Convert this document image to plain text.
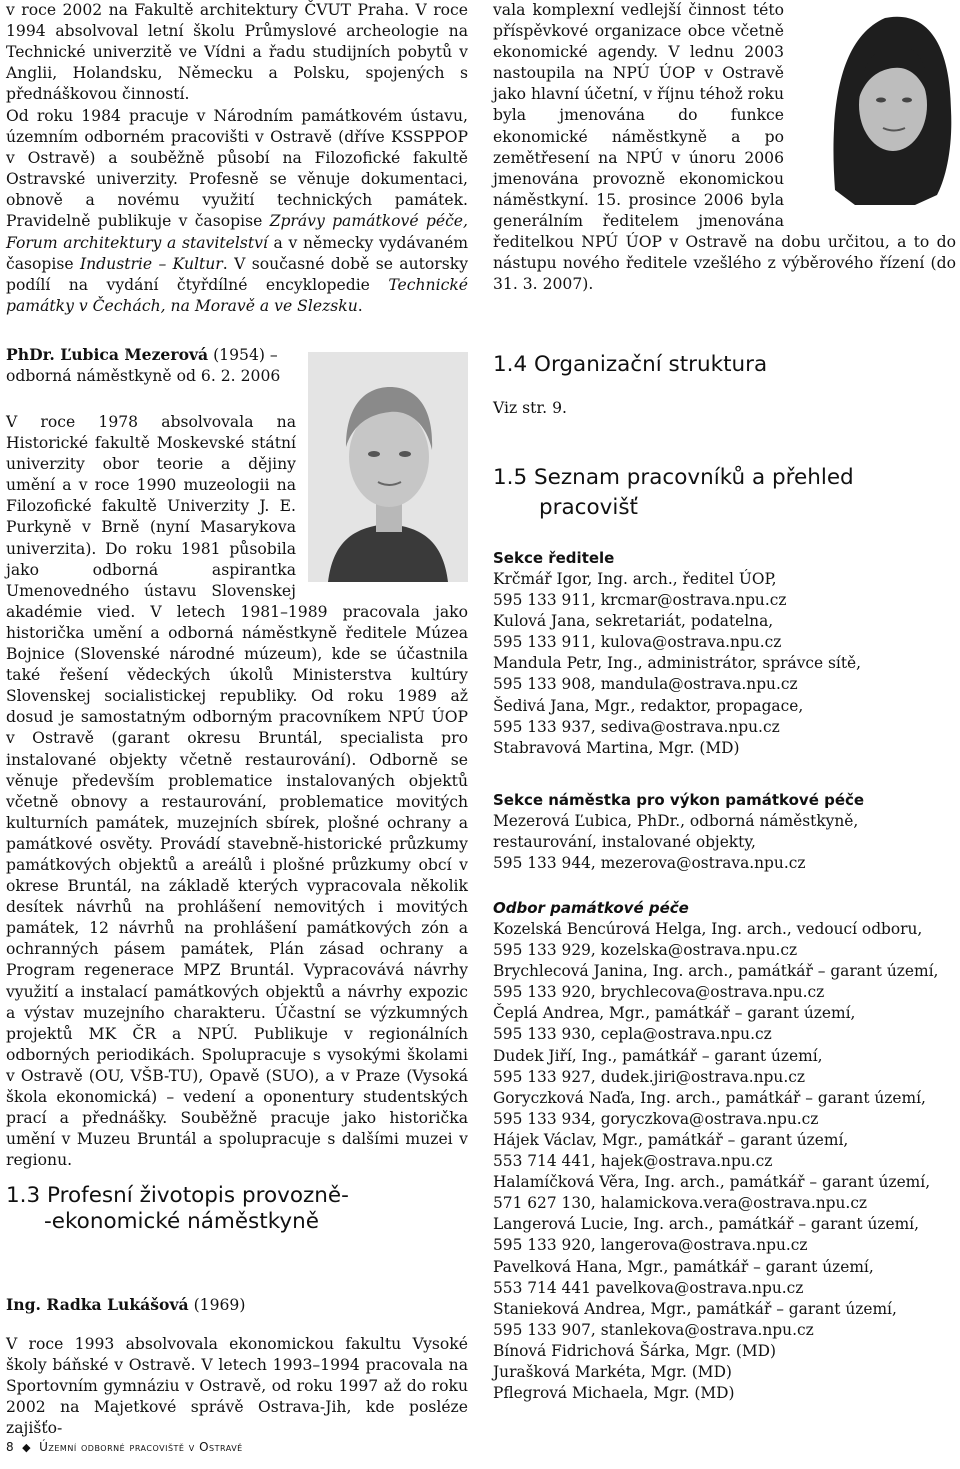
v roce 2002 na Fakultě architektury ČVUT Praha. V roce 1994 absolvoval letní školu Průmyslové archeologie na Technické univerzitě ve Vídni a řadu studijních pobytů v Anglii, Holandsku, Německu a Polsku, spojených s přednáškovou činností.

Od roku 1984 pracuje v Národním památkovém ústavu, územním odborném pracovišti v Ostravě (dříve KSSPPOP v Ostravě) a souběžně působí na Filozofické fakultě Ostravské univerzity. Profesně se věnuje dokumentaci, obnově a novému využití technických památek. Pravidelně publikuje v časopise Zprávy památkové péče, Forum architektury a stavitelství a v německy vydávaném časopise Industrie – Kultur. V současné době se autorsky podílí na vydání čtyřdílné encyklopedie Technické památky v Čechách, na Moravě a ve Slezsku.

PhDr. Ľubica Mezerová (1954) –

odborná náměstkyně od 6. 2. 2006

V roce 1978 absolvovala na Historické fakultě Moskevské státní univerzity obor teorie a dějiny umění a v roce 1990 muzeologii na Filozofické fakultě Univerzity J. E. Purkyně v Brně (nyní Masarykova univerzita). Do roku 1981 působila jako odborná aspirantka Umenovedného ústavu Slovenskej akadémie vied. V letech 1981–1989 pracovala jako historička umění a odborná náměstkyně ředitele Múzea Bojnice (Slovenské národné múzeum), kde se účastnila také řešení vědeckých úkolů Ministerstva kultúry Slovenskej socialistickej republiky. Od roku 1989 až dosud je samostatným odborným pracovníkem NPÚ ÚOP v Ostravě (garant okresu Bruntál, specialista pro instalované objekty včetně restaurování). Odborně se věnuje především problematice instalovaných objektů včetně obnovy a restaurování, problematice movitých kulturních památek, muzejních sbírek, plošné ochrany a památkové osvěty. Provádí stavebně-historické průzkumy památkových objektů a areálů i plošné průzkumy obcí v okrese Bruntál, na základě kterých vypracovala několik desítek návrhů na prohlášení nemovitých i movitých památek, 12 návrhů na prohlášení památkových zón a ochranných pásem památek, Plán zásad ochrany a Program regenerace MPZ Bruntál. Vypracovává návrhy využití a instalací památkových objektů a návrhy expozic a výstav muzejního charakteru. Účastní se výzkumných projektů MK ČR a NPÚ. Publikuje v regionálních odborných periodikách. Spolupracuje s vysokými školami v Ostravě (OU, VŠB-TU), Opavě (SUO), a v Praze (Vysoká škola ekonomická) – vedení a oponentury studentských prací a přednášky. Souběžně pracuje jako historička umění v Muzeu Bruntál a spolupracuje s dalšími muzei v regionu.

1.3 Profesní životopis provozně-

-ekonomické náměstkyně

Ing. Radka Lukášová (1969)

V roce 1993 absolvovala ekonomickou fakultu Vysoké školy báňské v Ostravě. V letech 1993–1994 pracovala na Sportovním gymnáziu v Ostravě, od roku 1997 až do roku 2002 na Majetkové správě Ostrava-Jih, kde posléze zajišťo-

vala komplexní vedlejší činnost této příspěvkové organizace obce včetně ekonomické agendy. V lednu 2003 nastoupila na NPÚ ÚOP v Ostravě jako hlavní účetní, v říjnu téhož roku byla jmenována do funkce ekonomické náměstkyně a po zemětřesení na NPÚ v únoru 2006 jmenována provozně ekonomickou náměstkyní. 15. prosince 2006 byla generálním ředitelem jmenována ředitelkou NPÚ ÚOP v Ostravě na dobu určitou, a to do nástupu nového ředitele vzešlého z výběrového řízení (do 31. 3. 2007).

1.4 Organizační struktura

Viz str. 9.

1.5 Seznam pracovníků a přehled

pracovišť

Sekce ředitele

Krčmář Igor, Ing. arch., ředitel ÚOP,

595 133 911, krcmar@ostrava.npu.cz

Kulová Jana, sekretariát, podatelna,

595 133 911, kulova@ostrava.npu.cz

Mandula Petr, Ing., administrátor, správce sítě,

595 133 908, mandula@ostrava.npu.cz

Šedivá Jana, Mgr., redaktor, propagace,

595 133 937, sediva@ostrava.npu.cz

Stabravová Martina, Mgr. (MD)

Sekce náměstka pro výkon památkové péče

Mezerová Ľubica, PhDr., odborná náměstkyně, restaurování, instalované objekty,

595 133 944, mezerova@ostrava.npu.cz

Odbor památkové péče

Kozelská Bencúrová Helga, Ing. arch., vedoucí odboru,

595 133 929, kozelska@ostrava.npu.cz

Brychlecová Janina, Ing. arch., památkář – garant území,

595 133 920, brychlecova@ostrava.npu.cz

Čeplá Andrea, Mgr., památkář – garant území,

595 133 930, cepla@ostrava.npu.cz

Dudek Jiří, Ing., památkář – garant území,

595 133 927, dudek.jiri@ostrava.npu.cz

Goryczková Naďa, Ing. arch., památkář – garant území,

595 133 934, goryczkova@ostrava.npu.cz

Hájek Václav, Mgr., památkář – garant území,

553 714 441, hajek@ostrava.npu.cz

Halamíčková Věra, Ing. arch., památkář – garant území,

571 627 130, halamickova.vera@ostrava.npu.cz

Langerová Lucie, Ing. arch., památkář – garant území,

595 133 920, langerova@ostrava.npu.cz

Pavelková Hana, Mgr., památkář – garant území,

553 714 441 pavelkova@ostrava.npu.cz

Stanieková Andrea, Mgr., památkář – garant území,

595 133 907, stanlekova@ostrava.npu.cz

Bínová Fidrichová Šárka, Mgr. (MD)

Jurašková Markéta, Mgr. (MD)

Pflegrová Michaela, Mgr. (MD)

8 ◆ Územní odborné pracoviště v Ostravě
